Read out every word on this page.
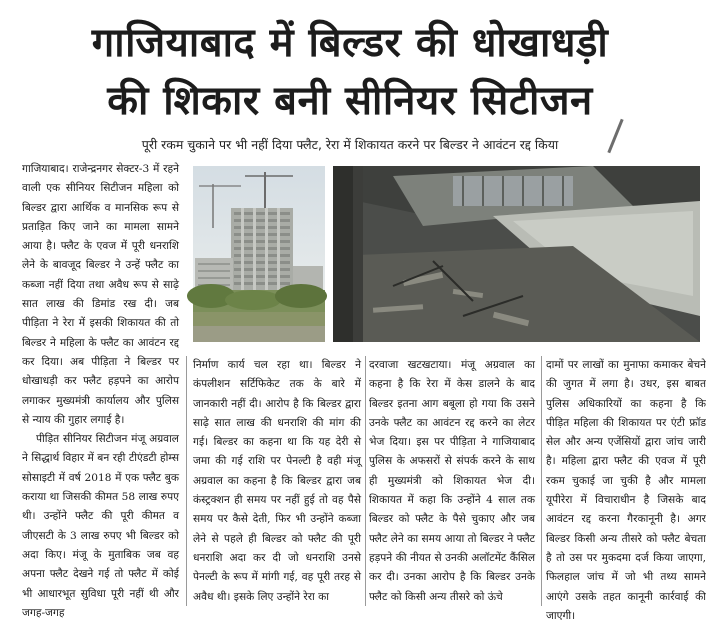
गाजियाबाद में बिल्डर की धोखाधड़ी
की शिकार बनी सीनियर सिटीजन
पूरी रकम चुकाने पर भी नहीं दिया फ्लैट, रेरा में शिकायत करने पर बिल्डर ने आवंटन रद्द किया

गाजियाबाद। राजेन्द्रनगर सेक्टर-3 में रहने वाली एक सीनियर सिटीजन महिला को बिल्डर द्वारा आर्थिक व मानसिक रूप से प्रताड़ित किए जाने का मामला सामने आया है। फ्लैट के एवज में पूरी धनराशि लेने के बावजूद बिल्डर ने उन्हें फ्लैट का कब्जा नहीं दिया तथा अवैध रूप से साढ़े सात लाख की डिमांड रख दी। जब पीड़िता ने रेरा में इसकी शिकायत की तो बिल्डर ने महिला के फ्लैट का आवंटन रद्द कर दिया। अब पीड़िता ने बिल्डर पर धोखाधड़ी कर फ्लैट हड़पने का आरोप लगाकर मुख्यमंत्री कार्यालय और पुलिस से न्याय की गुहार लगाई है।

पीड़ित सीनियर सिटीजन मंजू अग्रवाल ने सिद्धार्थ विहार में बन रही टीएंडटी होम्स सोसाइटी में वर्ष 2018 में एक फ्लैट बुक कराया था जिसकी कीमत 58 लाख रुपए थी। उन्होंने फ्लैट की पूरी कीमत व जीएसटी के 3 लाख रुपए भी बिल्डर को अदा किए। मंजू के मुताबिक जब वह अपना फ्लैट देखने गई तो फ्लैट में कोई भी आधारभूत सुविधा पूरी नहीं थी और जगह-जगह

निर्माण कार्य चल रहा था। बिल्डर ने कंपलीशन सर्टिफिकेट तक के बारे में जानकारी नहीं दी। आरोप है कि बिल्डर द्वारा साढ़े सात लाख की धनराशि की मांग की गई। बिल्डर का कहना था कि यह देरी से जमा की गई राशि पर पेनल्टी है वही मंजू अग्रवाल का कहना है कि बिल्डर द्वारा जब कंस्ट्रक्शन ही समय पर नहीं हुई तो वह पैसे समय पर कैसे देती, फिर भी उन्होंने कब्जा लेने से पहले ही बिल्डर को फ्लैट की पूरी धनराशि अदा कर दी जो धनराशि उनसे पेनल्टी के रूप में मांगी गई, वह पूरी तरह से अवैध थी। इसके लिए उन्होंने रेरा का

दरवाजा खटखटाया। मंजू अग्रवाल का कहना है कि रेरा में केस डालने के बाद बिल्डर इतना आग बबूला हो गया कि उसने उनके फ्लैट का आवंटन रद्द करने का लेटर भेज दिया। इस पर पीड़िता ने गाजियाबाद पुलिस के अफसरों से संपर्क करने के साथ ही मुख्यमंत्री को शिकायत भेज दी। शिकायत में कहा कि उन्होंने 4 साल तक बिल्डर को फ्लैट के पैसे चुकाए और जब फ्लैट लेने का समय आया तो बिल्डर ने फ्लैट हड़पने की नीयत से उनकी अलॉटमेंट कैंसिल कर दी। उनका आरोप है कि बिल्डर उनके फ्लैट को किसी अन्य तीसरे को ऊंचे

दामों पर लाखों का मुनाफा कमाकर बेचने की जुगत में लगा है। उधर, इस बाबत पुलिस अधिकारियों का कहना है कि पीड़ित महिला की शिकायत पर एंटी फ्रॉड सेल और अन्य एजेंसियों द्वारा जांच जारी है। महिला द्वारा फ्लैट की एवज में पूरी रकम चुकाई जा चुकी है और मामला यूपीरेरा में विचाराधीन है जिसके बाद आवंटन रद्द करना गैरकानूनी है। अगर बिल्डर किसी अन्य तीसरे को फ्लैट बेचता है तो उस पर मुकदमा दर्ज किया जाएगा, फिलहाल जांच में जो भी तथ्य सामने आएंगे उसके तहत कानूनी कार्रवाई की जाएगी।
